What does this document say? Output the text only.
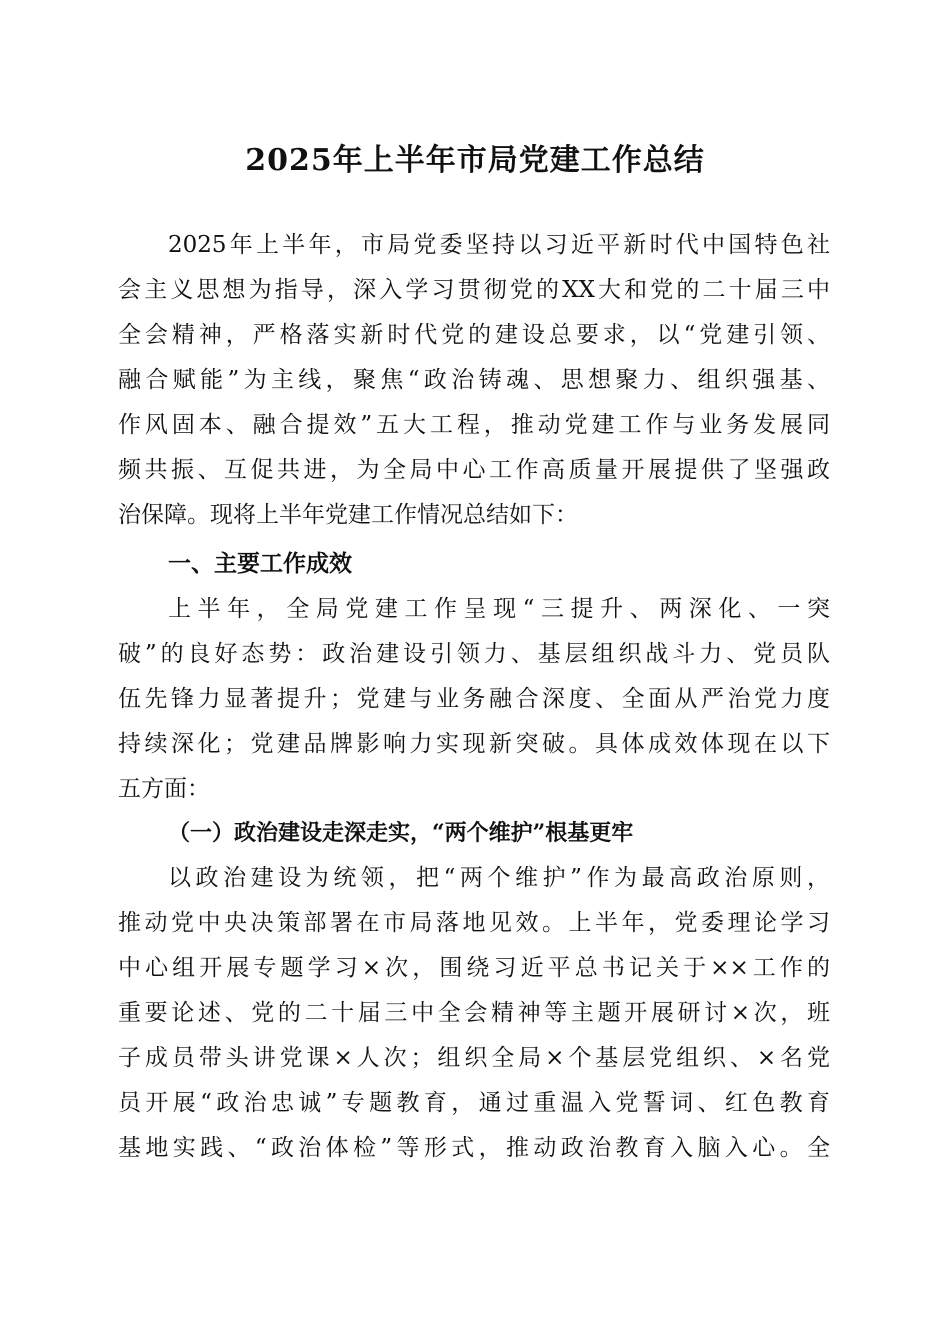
2025年上半年市局党建工作总结
2025年上半年，市局党委坚持以习近平新时代中国特色社
会主义思想为指导，深入学习贯彻党的XX大和党的二十届三中
全会精神，严格落实新时代党的建设总要求，以“党建引领、
融合赋能”为主线，聚焦“政治铸魂、思想聚力、组织强基、
作风固本、融合提效”五大工程，推动党建工作与业务发展同
频共振、互促共进，为全局中心工作高质量开展提供了坚强政
治保障。现将上半年党建工作情况总结如下：
一、主要工作成效
上半年，全局党建工作呈现“三提升、两深化、一突
破”的良好态势：政治建设引领力、基层组织战斗力、党员队
伍先锋力显著提升；党建与业务融合深度、全面从严治党力度
持续深化；党建品牌影响力实现新突破。具体成效体现在以下
五方面：
（一）政治建设走深走实，“两个维护”根基更牢
以政治建设为统领，把“两个维护”作为最高政治原则，
推动党中央决策部署在市局落地见效。上半年，党委理论学习
中心组开展专题学习×次，围绕习近平总书记关于××工作的
重要论述、党的二十届三中全会精神等主题开展研讨×次，班
子成员带头讲党课×人次；组织全局×个基层党组织、×名党
员开展“政治忠诚”专题教育，通过重温入党誓词、红色教育
基地实践、“政治体检”等形式，推动政治教育入脑入心。全
